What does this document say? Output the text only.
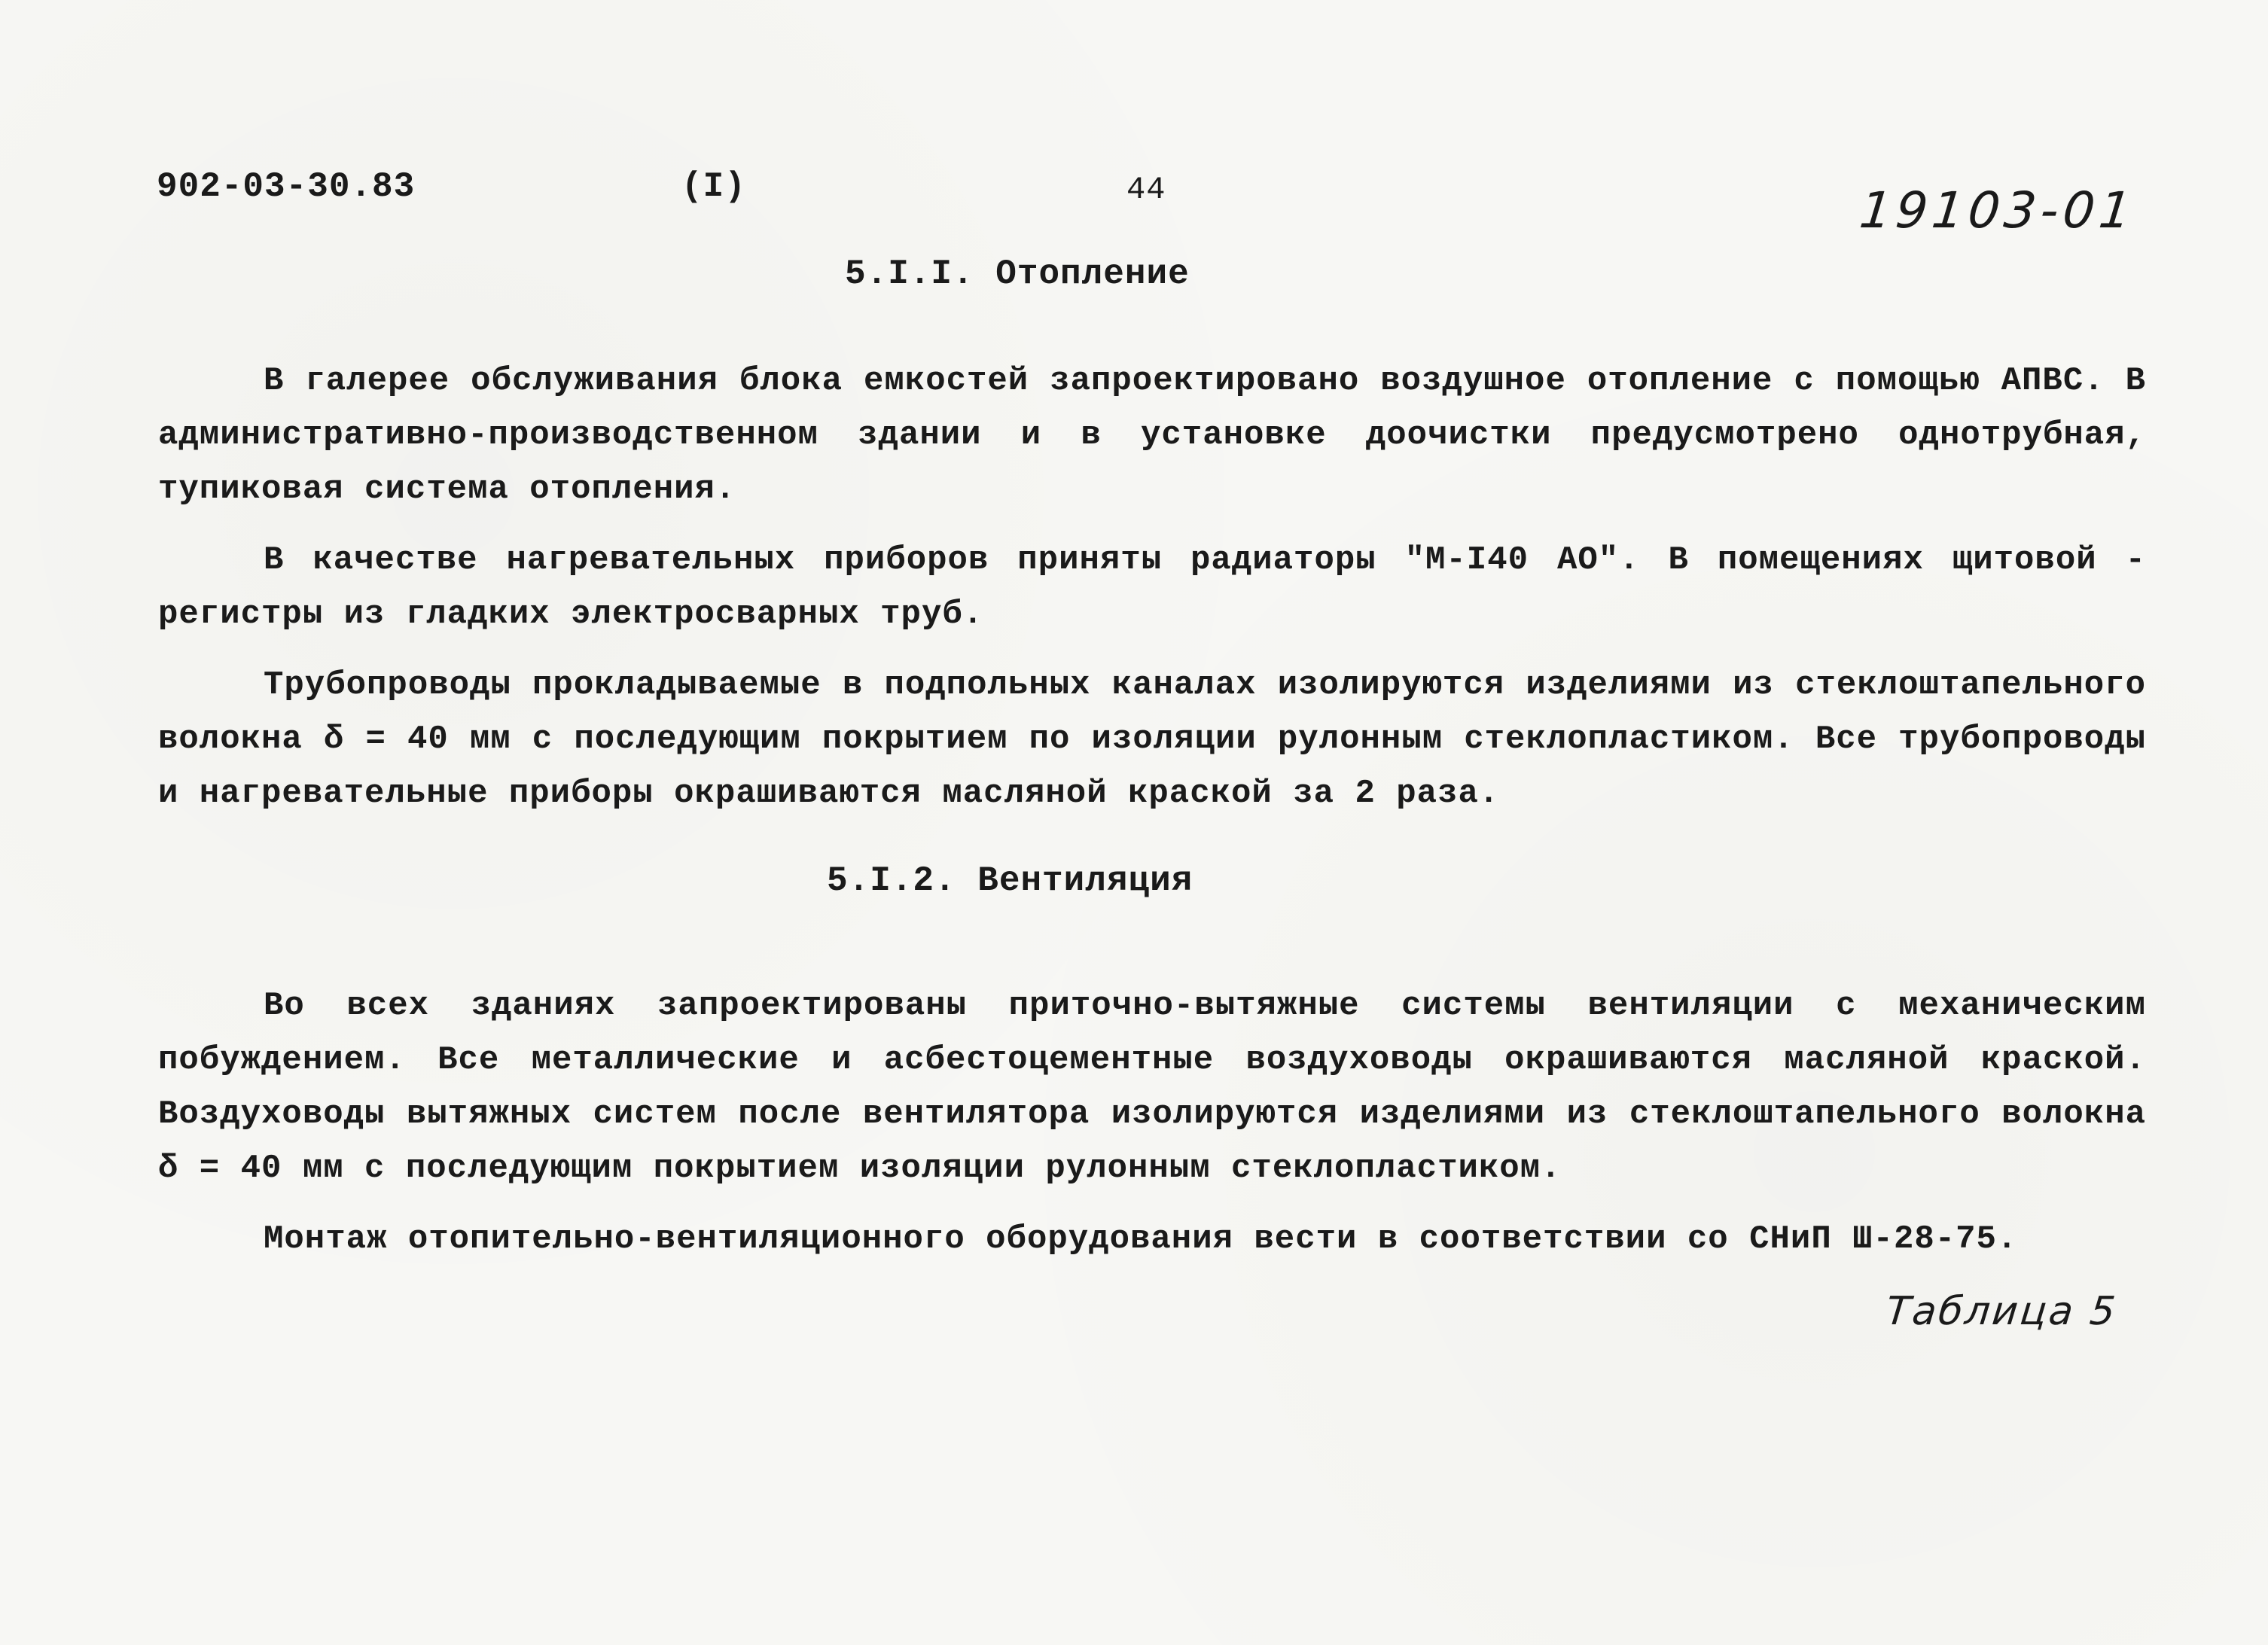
902-03-30.83	(I)	44	19103-01
5.I.I. Отопление

В галерее обслуживания блока емкостей запроектировано воздушное отопление с помощью АПВС. В административно-производственном здании и в установке доочистки предусмотрено однотрубная, тупиковая система отопления.

В качестве нагревательных приборов приняты радиаторы "М-I40 АО". В помещениях щитовой - регистры из гладких электросварных труб.

Трубопроводы прокладываемые в подпольных каналах изолируются изделиями из стеклоштапельного волокна δ = 40 мм с последующим покрытием по изоляции рулонным стеклопластиком. Все трубопроводы и нагревательные приборы окрашиваются масляной краской за 2 раза.

5.I.2. Вентиляция

Во всех зданиях запроектированы приточно-вытяжные системы вентиляции с механическим побуждением. Все металлические и асбестоцементные воздуховоды окрашиваются масляной краской. Воздуховоды вытяжных систем после вентилятора изолируются изделиями из стеклоштапельного волокна δ = 40 мм с последующим покрытием изоляции рулонным стеклопластиком.

Монтаж отопительно-вентиляционного оборудования вести в соответствии со СНиП Ш-28-75.

Таблица 5
